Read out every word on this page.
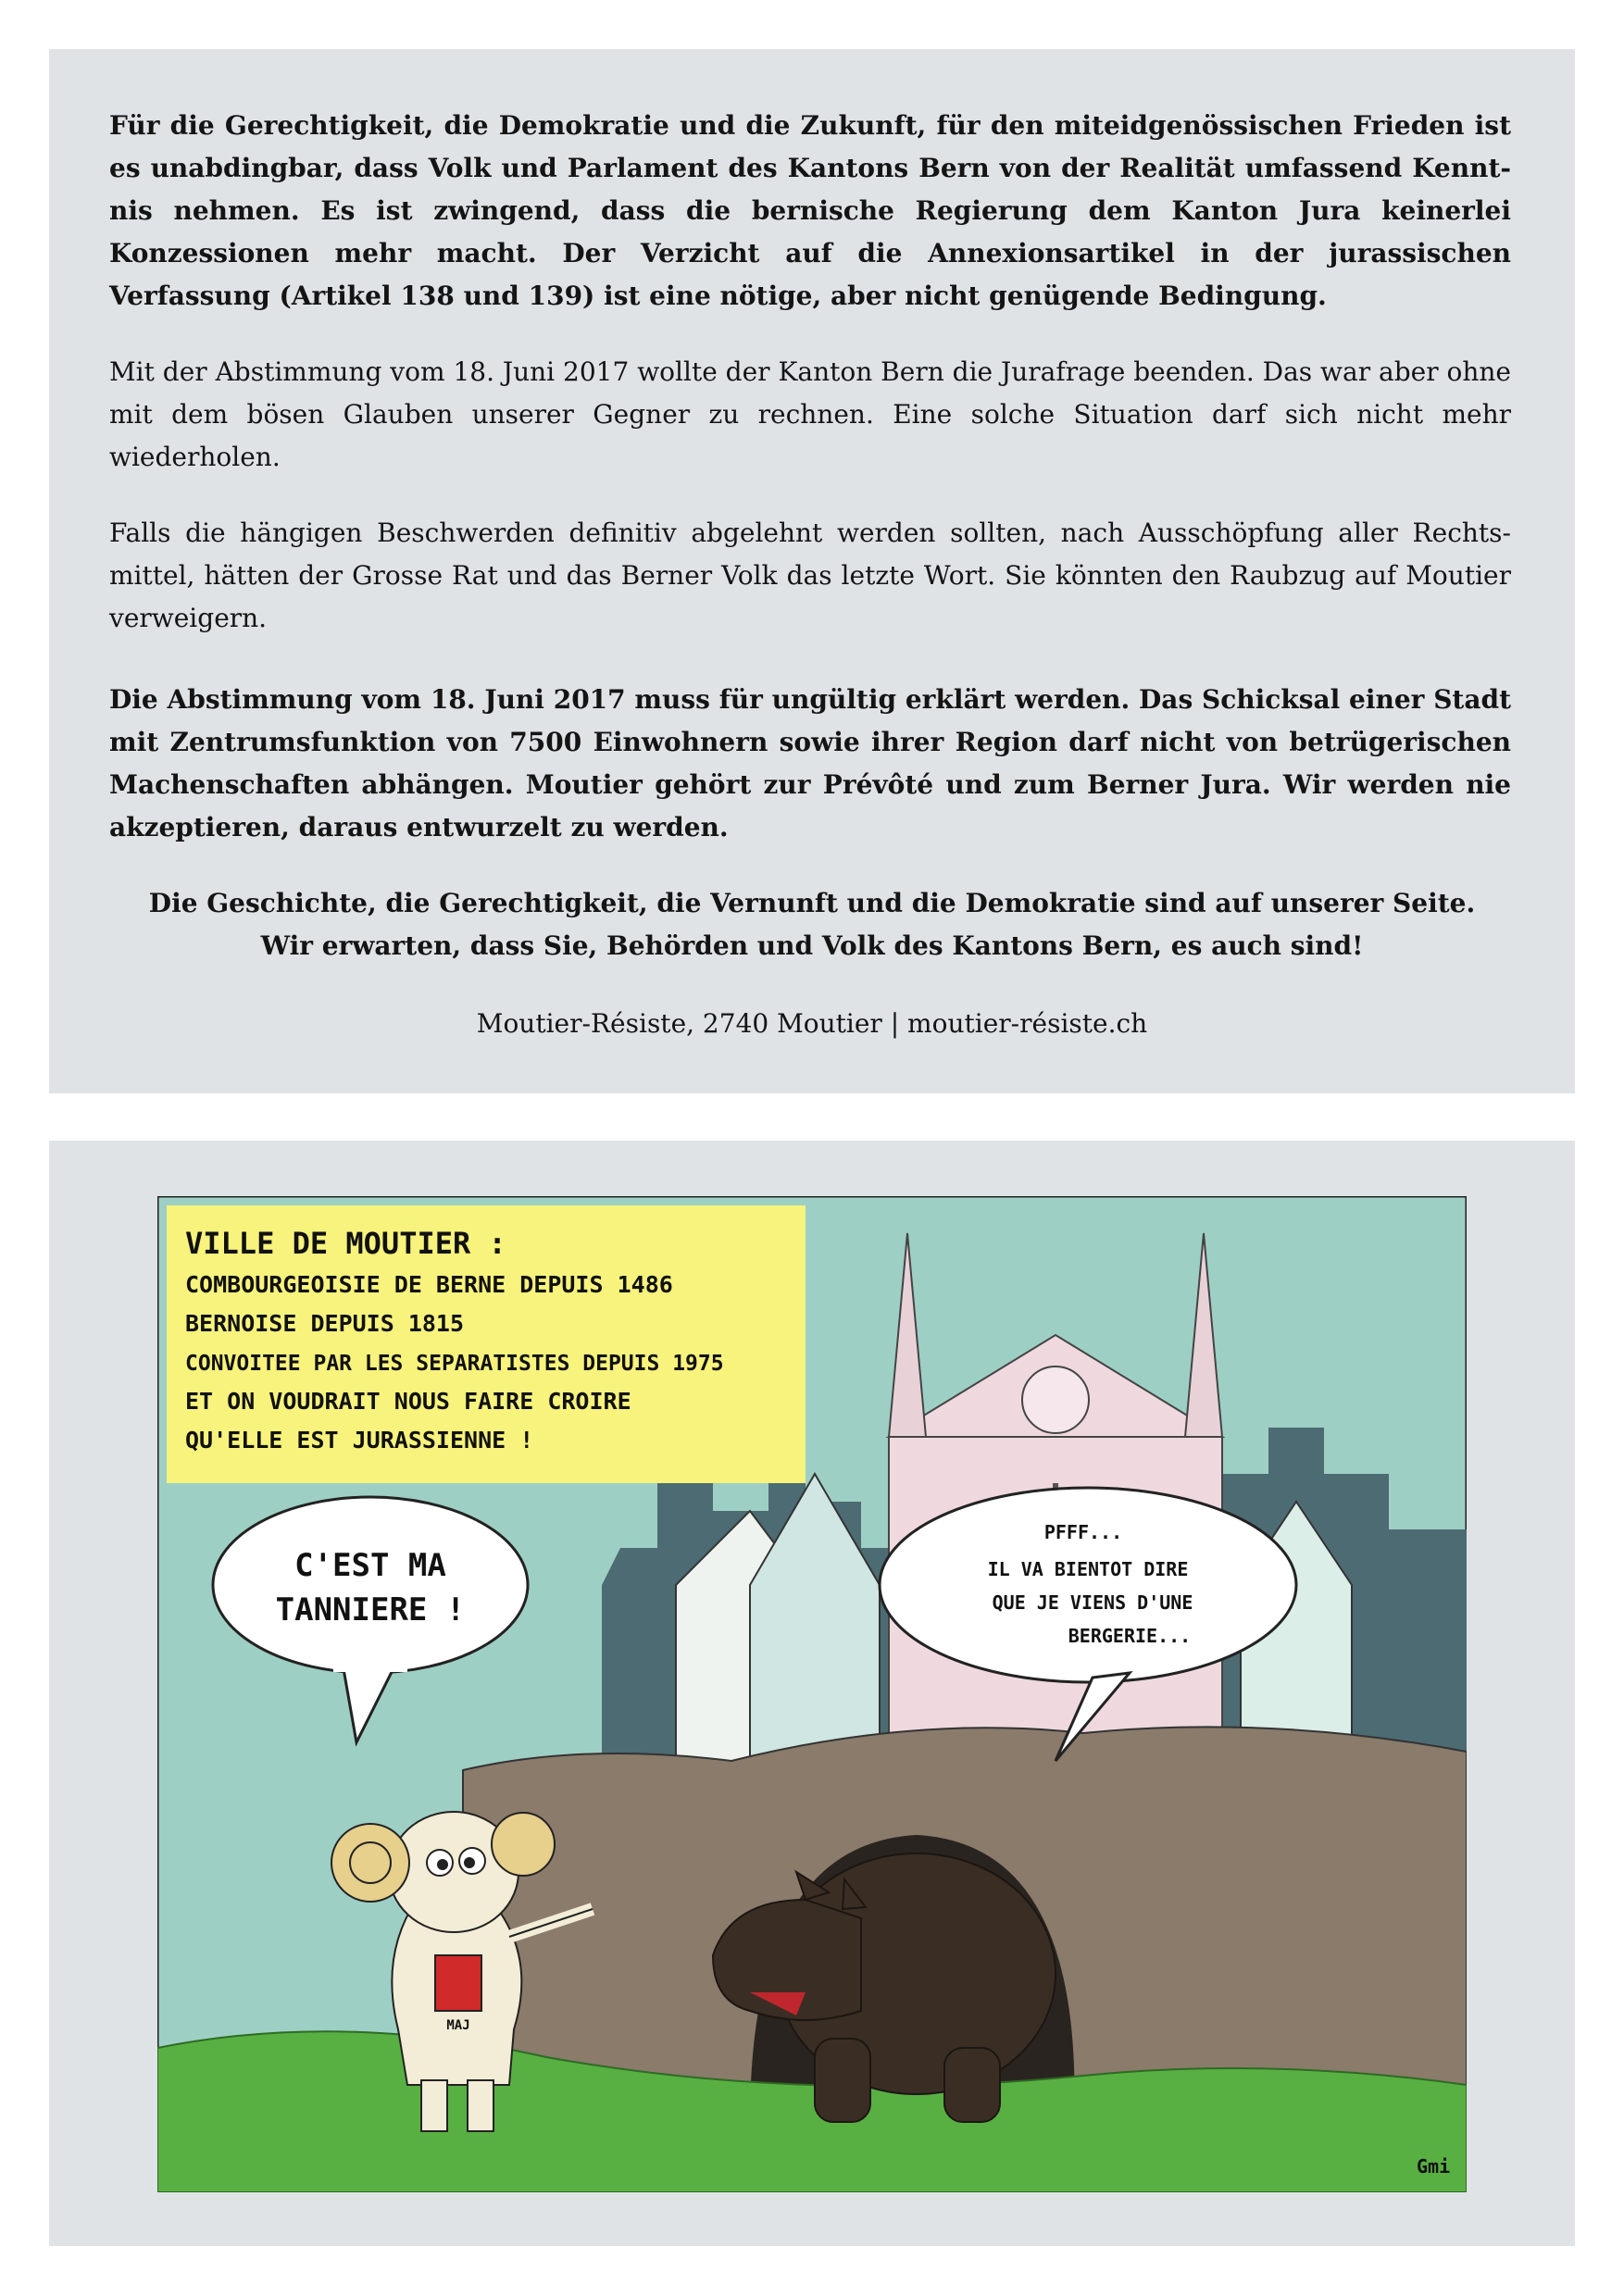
Für die Gerechtigkeit, die Demokratie und die Zukunft, für den miteidgenössischen Frieden ist es unabdingbar, dass Volk und Parlament des Kantons Bern von der Realität umfassend Kenntnis nehmen. Es ist zwingend, dass die bernische Regierung dem Kanton Jura keinerlei Konzessionen mehr macht. Der Verzicht auf die Annexionsartikel in der jurassischen Verfassung (Artikel 138 und 139) ist eine nötige, aber nicht genügende Bedingung.

Mit der Abstimmung vom 18. Juni 2017 wollte der Kanton Bern die Jurafrage beenden. Das war aber ohne mit dem bösen Glauben unserer Gegner zu rechnen. Eine solche Situation darf sich nicht mehr wiederholen.

Falls die hängigen Beschwerden definitiv abgelehnt werden sollten, nach Ausschöpfung aller Rechtsmittel, hätten der Grosse Rat und das Berner Volk das letzte Wort. Sie könnten den Raubzug auf Moutier verweigern.

Die Abstimmung vom 18. Juni 2017 muss für ungültig erklärt werden. Das Schicksal einer Stadt mit Zentrumsfunktion von 7500 Einwohnern sowie ihrer Region darf nicht von betrügerischen Machenschaften abhängen. Moutier gehört zur Prévôté und zum Berner Jura. Wir werden nie akzeptieren, daraus entwurzelt zu werden.

Die Geschichte, die Gerechtigkeit, die Vernunft und die Demokratie sind auf unserer Seite.
Wir erwarten, dass Sie, Behörden und Volk des Kantons Bern, es auch sind!

Moutier-Résiste, 2740 Moutier | moutier-résiste.ch

MAJ
VILLE DE MOUTIER :
COMBOURGEOISIE DE BERNE DEPUIS 1486
BERNOISE DEPUIS 1815
CONVOITEE PAR LES SEPARATISTES DEPUIS 1975
ET ON VOUDRAIT NOUS FAIRE CROIRE
QU'ELLE EST JURASSIENNE !
C'EST MA
TANNIERE !
PFFF...
IL VA BIENTOT DIRE
QUE JE VIENS D'UNE
BERGERIE...
Gmi
